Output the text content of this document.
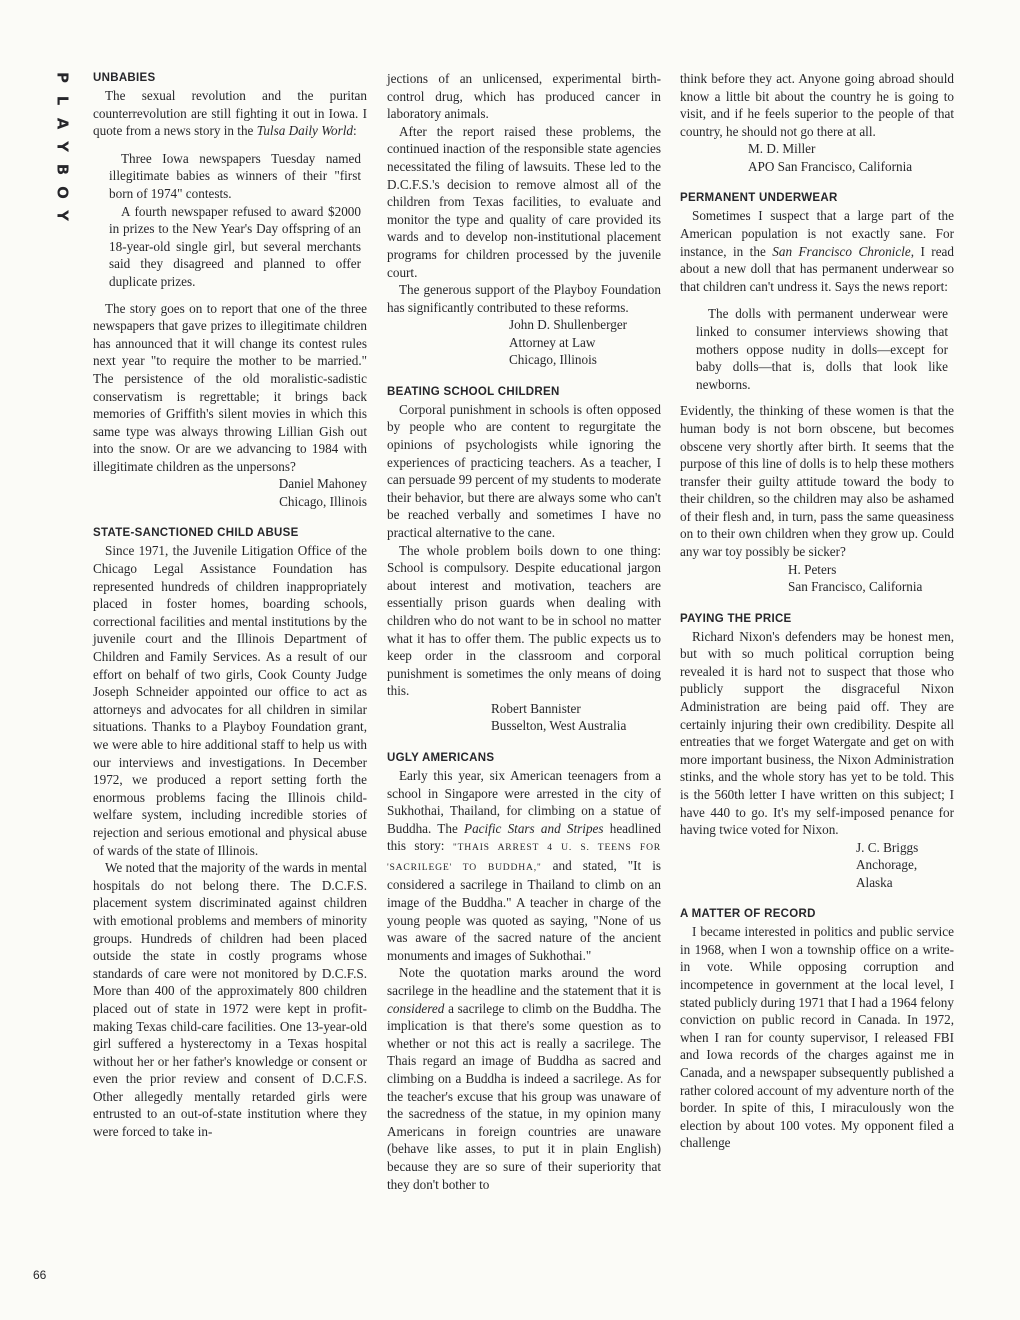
P
L
A
Y
B
O
Y
66
UNBABIES

The sexual revolution and the puritan counterrevolution are still fighting it out in Iowa. I quote from a news story in the Tulsa Daily World:

Three Iowa newspapers Tuesday named illegitimate babies as winners of their "first born of 1974" contests.

A fourth newspaper refused to award $2000 in prizes to the New Year's Day offspring of an 18-year-old single girl, but several merchants said they disagreed and planned to offer duplicate prizes.

The story goes on to report that one of the three newspapers that gave prizes to illegitimate children has announced that it will change its contest rules next year "to require the mother to be married." The persistence of the old moralistic-sadistic conservatism is regrettable; it brings back memories of Griffith's silent movies in which this same type was always throwing Lillian Gish out into the snow. Or are we advancing to 1984 with illegitimate children as the unpersons?

Daniel Mahoney
Chicago, Illinois
STATE-SANCTIONED CHILD ABUSE

Since 1971, the Juvenile Litigation Office of the Chicago Legal Assistance Foundation has represented hundreds of children inappropriately placed in foster homes, boarding schools, correctional facilities and mental institutions by the juvenile court and the Illinois Department of Children and Family Services. As a result of our effort on behalf of two girls, Cook County Judge Joseph Schneider appointed our office to act as attorneys and advocates for all children in similar situations. Thanks to a Playboy Foundation grant, we were able to hire additional staff to help us with our interviews and investigations. In December 1972, we produced a report setting forth the enormous problems facing the Illinois child-welfare system, including incredible stories of rejection and serious emotional and physical abuse of wards of the state of Illinois.

We noted that the majority of the wards in mental hospitals do not belong there. The D.C.F.S. placement system discriminated against children with emotional problems and members of minority groups. Hundreds of children had been placed outside the state in costly programs whose standards of care were not monitored by D.C.F.S. More than 400 of the approximately 800 children placed out of state in 1972 were kept in profit-making Texas child-care facilities. One 13-year-old girl suffered a hysterectomy in a Texas hospital without her or her father's knowledge or consent or even the prior review and consent of D.C.F.S. Other allegedly mentally retarded girls were entrusted to an out-of-state institution where they were forced to take in-

jections of an unlicensed, experimental birth-control drug, which has produced cancer in laboratory animals.

After the report raised these problems, the continued inaction of the responsible state agencies necessitated the filing of lawsuits. These led to the D.C.F.S.'s decision to remove almost all of the children from Texas facilities, to evaluate and monitor the type and quality of care provided its wards and to develop non-institutional placement programs for children processed by the juvenile court.

The generous support of the Playboy Foundation has significantly contributed to these reforms.

John D. Shullenberger
Attorney at Law
Chicago, Illinois
BEATING SCHOOL CHILDREN

Corporal punishment in schools is often opposed by people who are content to regurgitate the opinions of psychologists while ignoring the experiences of practicing teachers. As a teacher, I can persuade 99 percent of my students to moderate their behavior, but there are always some who can't be reached verbally and sometimes I have no practical alternative to the cane.

The whole problem boils down to one thing: School is compulsory. Despite educational jargon about interest and motivation, teachers are essentially prison guards when dealing with children who do not want to be in school no matter what it has to offer them. The public expects us to keep order in the classroom and corporal punishment is sometimes the only means of doing this.

Robert Bannister
Busselton, West Australia
UGLY AMERICANS

Early this year, six American teenagers from a school in Singapore were arrested in the city of Sukhothai, Thailand, for climbing on a statue of Buddha. The Pacific Stars and Stripes headlined this story: "THAIS ARREST 4 U. S. TEENS FOR 'SACRILEGE' TO BUDDHA," and stated, "It is considered a sacrilege in Thailand to climb on an image of the Buddha." A teacher in charge of the young people was quoted as saying, "None of us was aware of the sacred nature of the ancient monuments and images of Sukhothai."

Note the quotation marks around the word sacrilege in the headline and the statement that it is considered a sacrilege to climb on the Buddha. The implication is that there's some question as to whether or not this act is really a sacrilege. The Thais regard an image of Buddha as sacred and climbing on a Buddha is indeed a sacrilege. As for the teacher's excuse that his group was unaware of the sacredness of the statue, in my opinion many Americans in foreign countries are unaware (behave like asses, to put it in plain English) because they are so sure of their superiority that they don't bother to

think before they act. Anyone going abroad should know a little bit about the country he is going to visit, and if he feels superior to the people of that country, he should not go there at all.

M. D. Miller
APO San Francisco, California
PERMANENT UNDERWEAR

Sometimes I suspect that a large part of the American population is not exactly sane. For instance, in the San Francisco Chronicle, I read about a new doll that has permanent underwear so that children can't undress it. Says the news report:

The dolls with permanent underwear were linked to consumer interviews showing that mothers oppose nudity in dolls—except for baby dolls—that is, dolls that look like newborns.

Evidently, the thinking of these women is that the human body is not born obscene, but becomes obscene very shortly after birth. It seems that the purpose of this line of dolls is to help these mothers transfer their guilty attitude toward the body to their children, so the children may also be ashamed of their flesh and, in turn, pass the same queasiness on to their own children when they grow up. Could any war toy possibly be sicker?

H. Peters
San Francisco, California
PAYING THE PRICE

Richard Nixon's defenders may be honest men, but with so much political corruption being revealed it is hard not to suspect that those who publicly support the disgraceful Nixon Administration are being paid off. They are certainly injuring their own credibility. Despite all entreaties that we forget Watergate and get on with more important business, the Nixon Administration stinks, and the whole story has yet to be told. This is the 560th letter I have written on this subject; I have 440 to go. It's my self-imposed penance for having twice voted for Nixon.

J. C. Briggs
Anchorage, Alaska
A MATTER OF RECORD

I became interested in politics and public service in 1968, when I won a township office on a write-in vote. While opposing corruption and incompetence in government at the local level, I stated publicly during 1971 that I had a 1964 felony conviction on public record in Canada. In 1972, when I ran for county supervisor, I released FBI and Iowa records of the charges against me in Canada, and a newspaper subsequently published a rather colored account of my adventure north of the border. In spite of this, I miraculously won the election by about 100 votes. My opponent filed a challenge
